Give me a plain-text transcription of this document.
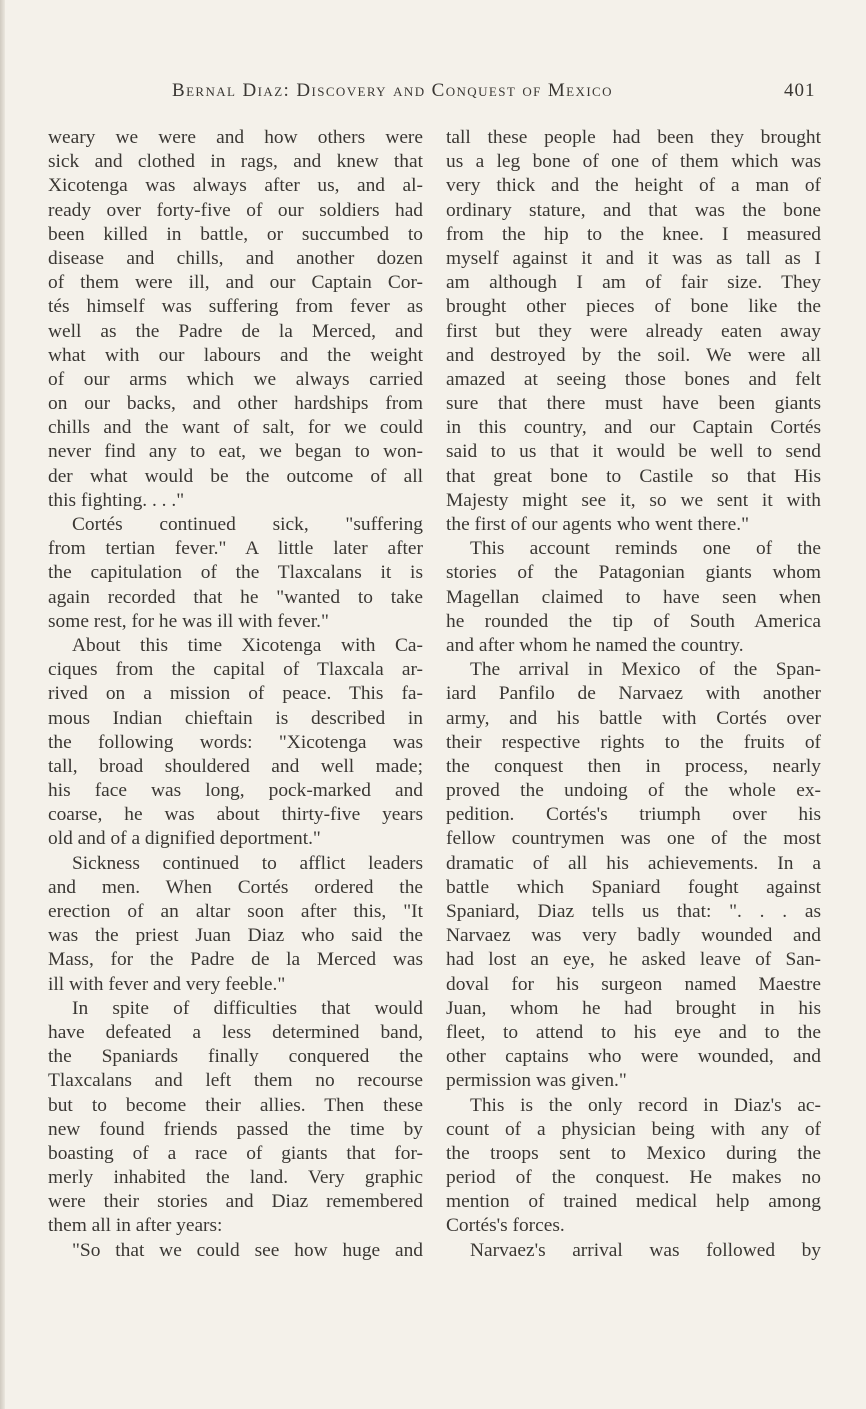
Bernal Diaz: Discovery and Conquest of Mexico	401
weary we were and how others were
sick and clothed in rags, and knew that
Xicotenga was always after us, and al-
ready over forty-five of our soldiers had
been killed in battle, or succumbed to
disease and chills, and another dozen
of them were ill, and our Captain Cor-
tés himself was suffering from fever as
well as the Padre de la Merced, and
what with our labours and the weight
of our arms which we always carried
on our backs, and other hardships from
chills and the want of salt, for we could
never find any to eat, we began to won-
der what would be the outcome of all
this fighting. . . ."
Cortés continued sick, "suffering
from tertian fever." A little later after
the capitulation of the Tlaxcalans it is
again recorded that he "wanted to take
some rest, for he was ill with fever."
About this time Xicotenga with Ca-
ciques from the capital of Tlaxcala ar-
rived on a mission of peace. This fa-
mous Indian chieftain is described in
the following words: "Xicotenga was
tall, broad shouldered and well made;
his face was long, pock-marked and
coarse, he was about thirty-five years
old and of a dignified deportment."
Sickness continued to afflict leaders
and men. When Cortés ordered the
erection of an altar soon after this, "It
was the priest Juan Diaz who said the
Mass, for the Padre de la Merced was
ill with fever and very feeble."
In spite of difficulties that would
have defeated a less determined band,
the Spaniards finally conquered the
Tlaxcalans and left them no recourse
but to become their allies. Then these
new found friends passed the time by
boasting of a race of giants that for-
merly inhabited the land. Very graphic
were their stories and Diaz remembered
them all in after years:
"So that we could see how huge and
tall these people had been they brought
us a leg bone of one of them which was
very thick and the height of a man of
ordinary stature, and that was the bone
from the hip to the knee. I measured
myself against it and it was as tall as I
am although I am of fair size. They
brought other pieces of bone like the
first but they were already eaten away
and destroyed by the soil. We were all
amazed at seeing those bones and felt
sure that there must have been giants
in this country, and our Captain Cortés
said to us that it would be well to send
that great bone to Castile so that His
Majesty might see it, so we sent it with
the first of our agents who went there."
This account reminds one of the
stories of the Patagonian giants whom
Magellan claimed to have seen when
he rounded the tip of South America
and after whom he named the country.
The arrival in Mexico of the Span-
iard Panfilo de Narvaez with another
army, and his battle with Cortés over
their respective rights to the fruits of
the conquest then in process, nearly
proved the undoing of the whole ex-
pedition. Cortés's triumph over his
fellow countrymen was one of the most
dramatic of all his achievements. In a
battle which Spaniard fought against
Spaniard, Diaz tells us that: ". . . as
Narvaez was very badly wounded and
had lost an eye, he asked leave of San-
doval for his surgeon named Maestre
Juan, whom he had brought in his
fleet, to attend to his eye and to the
other captains who were wounded, and
permission was given."
This is the only record in Diaz's ac-
count of a physician being with any of
the troops sent to Mexico during the
period of the conquest. He makes no
mention of trained medical help among
Cortés's forces.
Narvaez's arrival was followed by
